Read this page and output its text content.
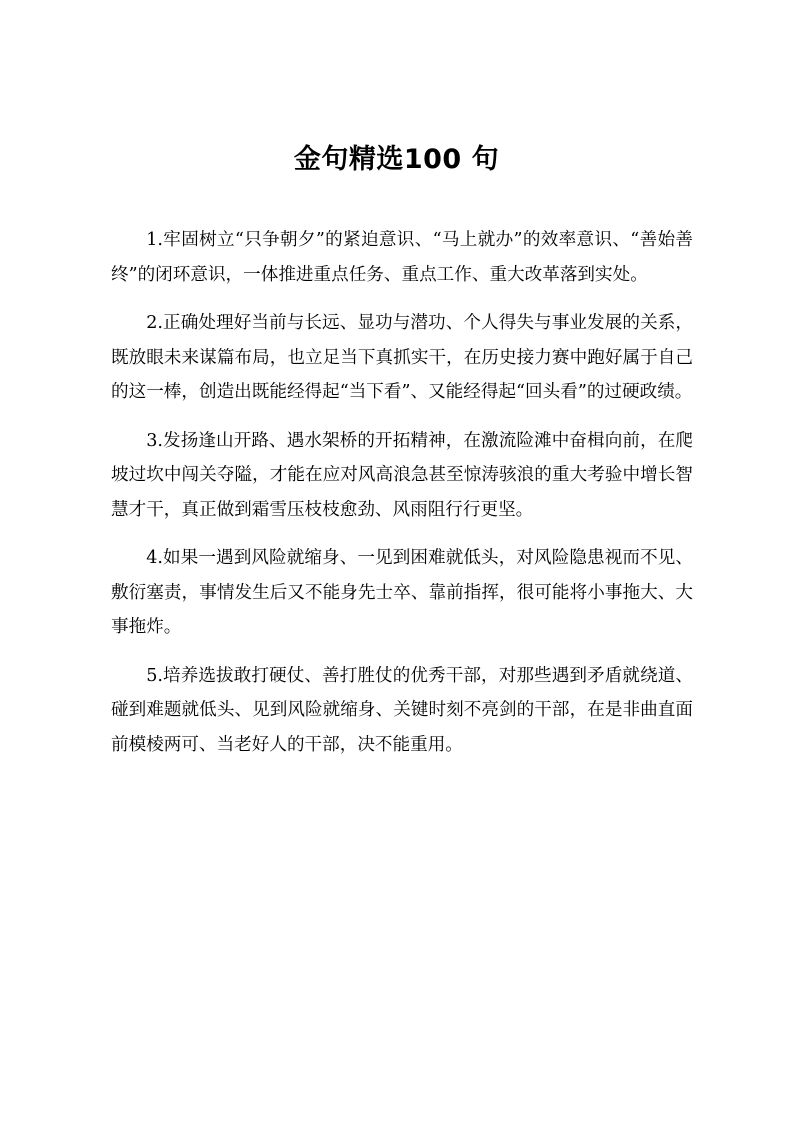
金句精选100 句

1.牢固树立“只争朝夕”的紧迫意识、“马上就办”的效率意识、“善始善终”的闭环意识，一体推进重点任务、重点工作、重大改革落到实处。

2.正确处理好当前与长远、显功与潜功、个人得失与事业发展的关系，既放眼未来谋篇布局，也立足当下真抓实干，在历史接力赛中跑好属于自己的这一棒，创造出既能经得起“当下看”、又能经得起“回头看”的过硬政绩。

3.发扬逢山开路、遇水架桥的开拓精神，在激流险滩中奋楫向前，在爬坡过坎中闯关夺隘，才能在应对风高浪急甚至惊涛骇浪的重大考验中增长智慧才干，真正做到霜雪压枝枝愈劲、风雨阻行行更坚。

4.如果一遇到风险就缩身、一见到困难就低头，对风险隐患视而不见、敷衍塞责，事情发生后又不能身先士卒、靠前指挥，很可能将小事拖大、大事拖炸。

5.培养选拔敢打硬仗、善打胜仗的优秀干部，对那些遇到矛盾就绕道、碰到难题就低头、见到风险就缩身、关键时刻不亮剑的干部，在是非曲直面前模棱两可、当老好人的干部，决不能重用。
